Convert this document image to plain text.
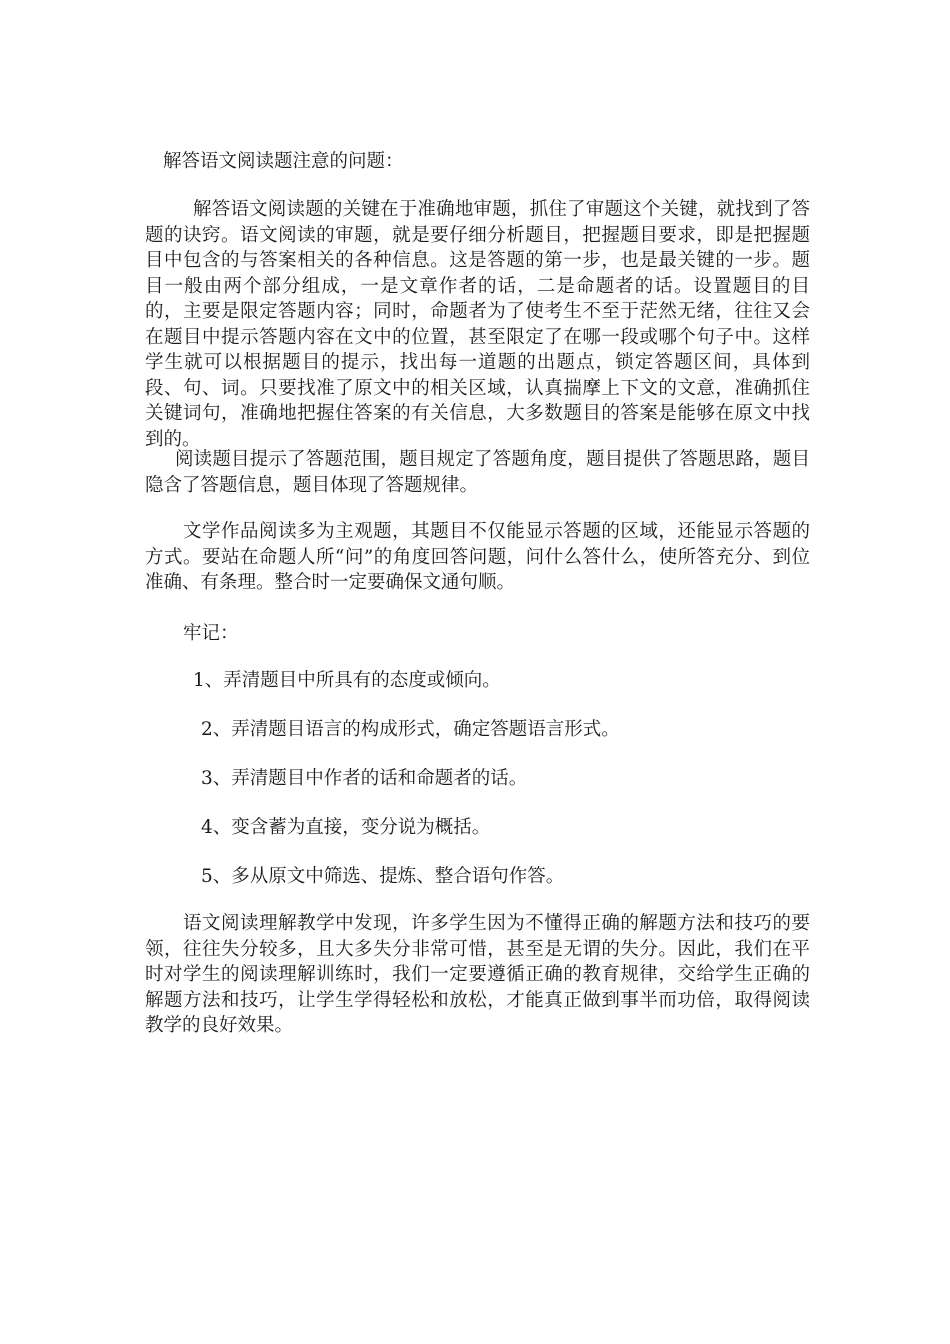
解答语文阅读题注意的问题：

解答语文阅读题的关键在于准确地审题，抓住了审题这个关键，就找到了答题的诀窍。语文阅读的审题，就是要仔细分析题目，把握题目要求，即是把握题目中包含的与答案相关的各种信息。这是答题的第一步，也是最关键的一步。题目一般由两个部分组成，一是文章作者的话，二是命题者的话。设置题目的目的，主要是限定答题内容；同时，命题者为了使考生不至于茫然无绪，往往又会在题目中提示答题内容在文中的位置，甚至限定了在哪一段或哪个句子中。这样学生就可以根据题目的提示，找出每一道题的出题点，锁定答题区间，具体到段、句、词。只要找准了原文中的相关区域，认真揣摩上下文的文意，准确抓住关键词句，准确地把握住答案的有关信息，大多数题目的答案是能够在原文中找到的。

阅读题目提示了答题范围，题目规定了答题角度，题目提供了答题思路，题目隐含了答题信息，题目体现了答题规律。

文学作品阅读多为主观题，其题目不仅能显示答题的区域，还能显示答题的方式。要站在命题人所“问”的角度回答问题，问什么答什么，使所答充分、到位准确、有条理。整合时一定要确保文通句顺。

牢记：

1、弄清题目中所具有的态度或倾向。

2、弄清题目语言的构成形式，确定答题语言形式。

3、弄清题目中作者的话和命题者的话。

4、变含蓄为直接，变分说为概括。

5、多从原文中筛选、提炼、整合语句作答。

语文阅读理解教学中发现，许多学生因为不懂得正确的解题方法和技巧的要领，往往失分较多，且大多失分非常可惜，甚至是无谓的失分。因此，我们在平时对学生的阅读理解训练时，我们一定要遵循正确的教育规律，交给学生正确的解题方法和技巧，让学生学得轻松和放松，才能真正做到事半而功倍，取得阅读教学的良好效果。
